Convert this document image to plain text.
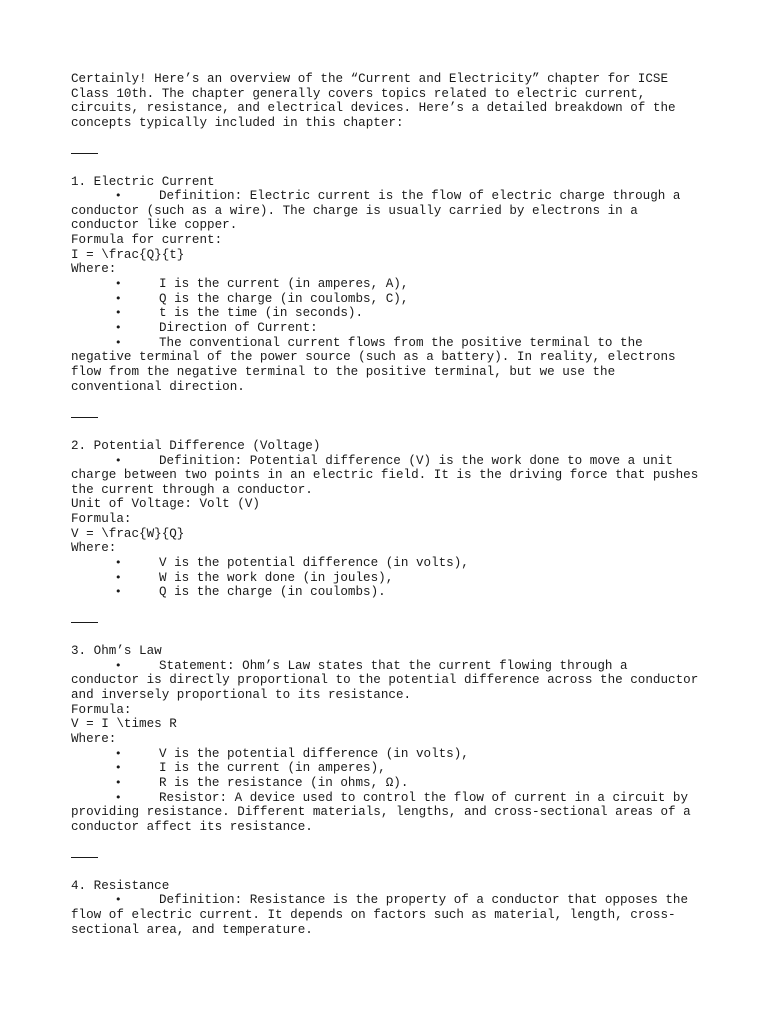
Certainly! Here’s an overview of the “Current and Electricity” chapter for ICSE
Class 10th. The chapter generally covers topics related to electric current,
circuits, resistance, and electrical devices. Here’s a detailed breakdown of the
concepts typically included in this chapter:
1. Electric Current
•	Definition: Electric current is the flow of electric charge through a
conductor (such as a wire). The charge is usually carried by electrons in a
conductor like copper.
Formula for current:
I = \frac{Q}{t}
Where:
•	I is the current (in amperes, A),
•	Q is the charge (in coulombs, C),
•	t is the time (in seconds).
•	Direction of Current:
•	The conventional current flows from the positive terminal to the
negative terminal of the power source (such as a battery). In reality, electrons
flow from the negative terminal to the positive terminal, but we use the
conventional direction.
2. Potential Difference (Voltage)
•	Definition: Potential difference (V) is the work done to move a unit
charge between two points in an electric field. It is the driving force that pushes
the current through a conductor.
Unit of Voltage: Volt (V)
Formula:
V = \frac{W}{Q}
Where:
•	V is the potential difference (in volts),
•	W is the work done (in joules),
•	Q is the charge (in coulombs).
3. Ohm’s Law
•	Statement: Ohm’s Law states that the current flowing through a
conductor is directly proportional to the potential difference across the conductor
and inversely proportional to its resistance.
Formula:
V = I \times R
Where:
•	V is the potential difference (in volts),
•	I is the current (in amperes),
•	R is the resistance (in ohms, Ω).
•	Resistor: A device used to control the flow of current in a circuit by
providing resistance. Different materials, lengths, and cross-sectional areas of a
conductor affect its resistance.
4. Resistance
•	Definition: Resistance is the property of a conductor that opposes the
flow of electric current. It depends on factors such as material, length, cross-
sectional area, and temperature.
